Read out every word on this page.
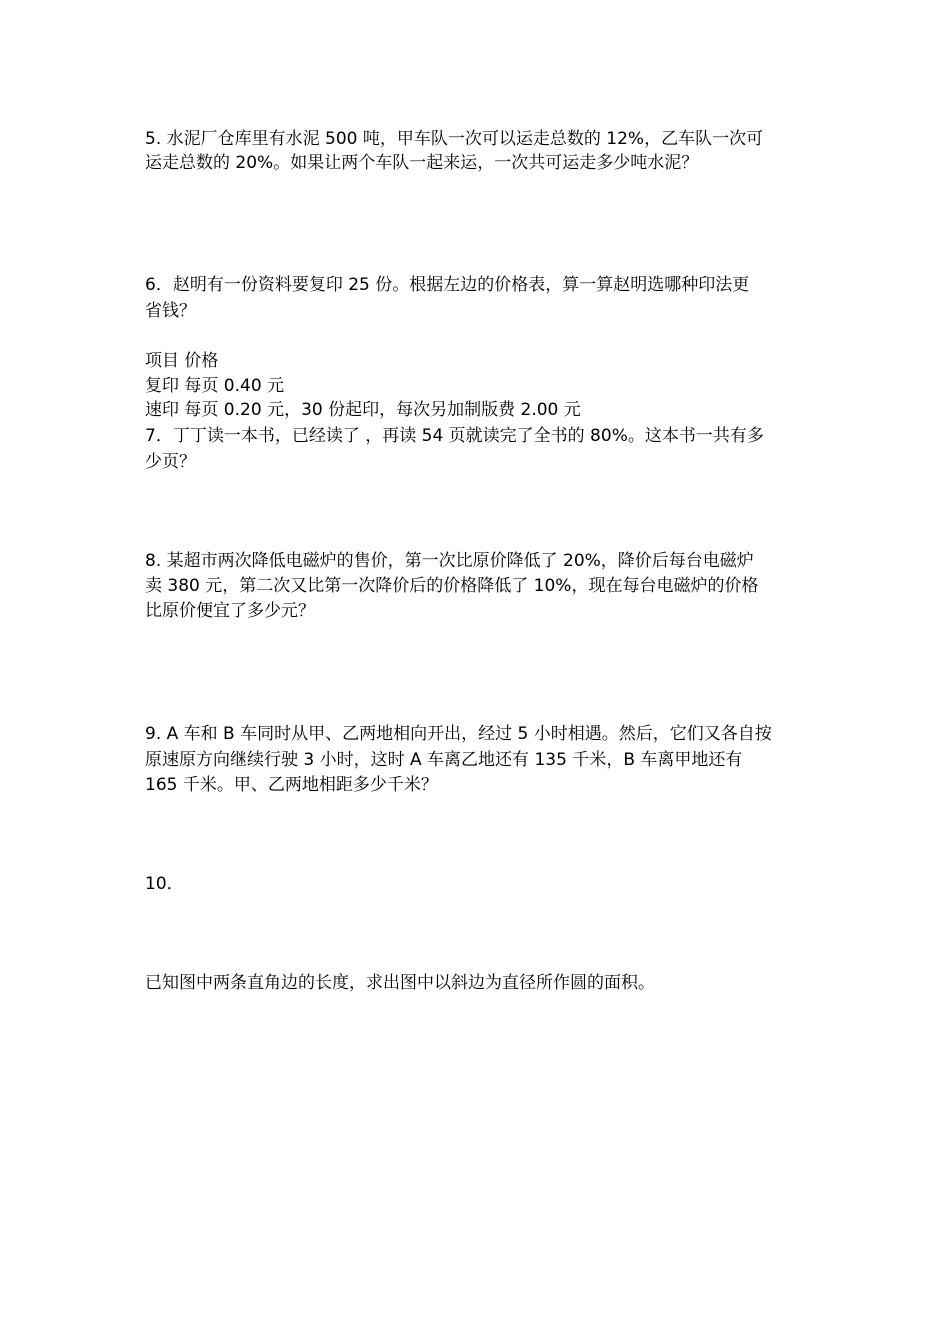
5. 水泥厂仓库里有水泥 500 吨，甲车队一次可以运走总数的 12%，乙车队一次可
运走总数的 20%。如果让两个车队一起来运，一次共可运走多少吨水泥？
6．赵明有一份资料要复印 25 份。根据左边的价格表，算一算赵明选哪种印法更
省钱？
项目 价格
复印 每页 0.40 元
速印 每页 0.20 元，30 份起印，每次另加制版费 2.00 元
7．丁丁读一本书，已经读了 ，再读 54 页就读完了全书的 80%。这本书一共有多
少页？
8. 某超市两次降低电磁炉的售价，第一次比原价降低了 20%，降价后每台电磁炉
卖 380 元，第二次又比第一次降价后的价格降低了 10%，现在每台电磁炉的价格
比原价便宜了多少元？
9. A 车和 B 车同时从甲、乙两地相向开出，经过 5 小时相遇。然后，它们又各自按
原速原方向继续行驶 3 小时，这时 A 车离乙地还有 135 千米，B 车离甲地还有
165 千米。甲、乙两地相距多少千米？
10．
已知图中两条直角边的长度，求出图中以斜边为直径所作圆的面积。
